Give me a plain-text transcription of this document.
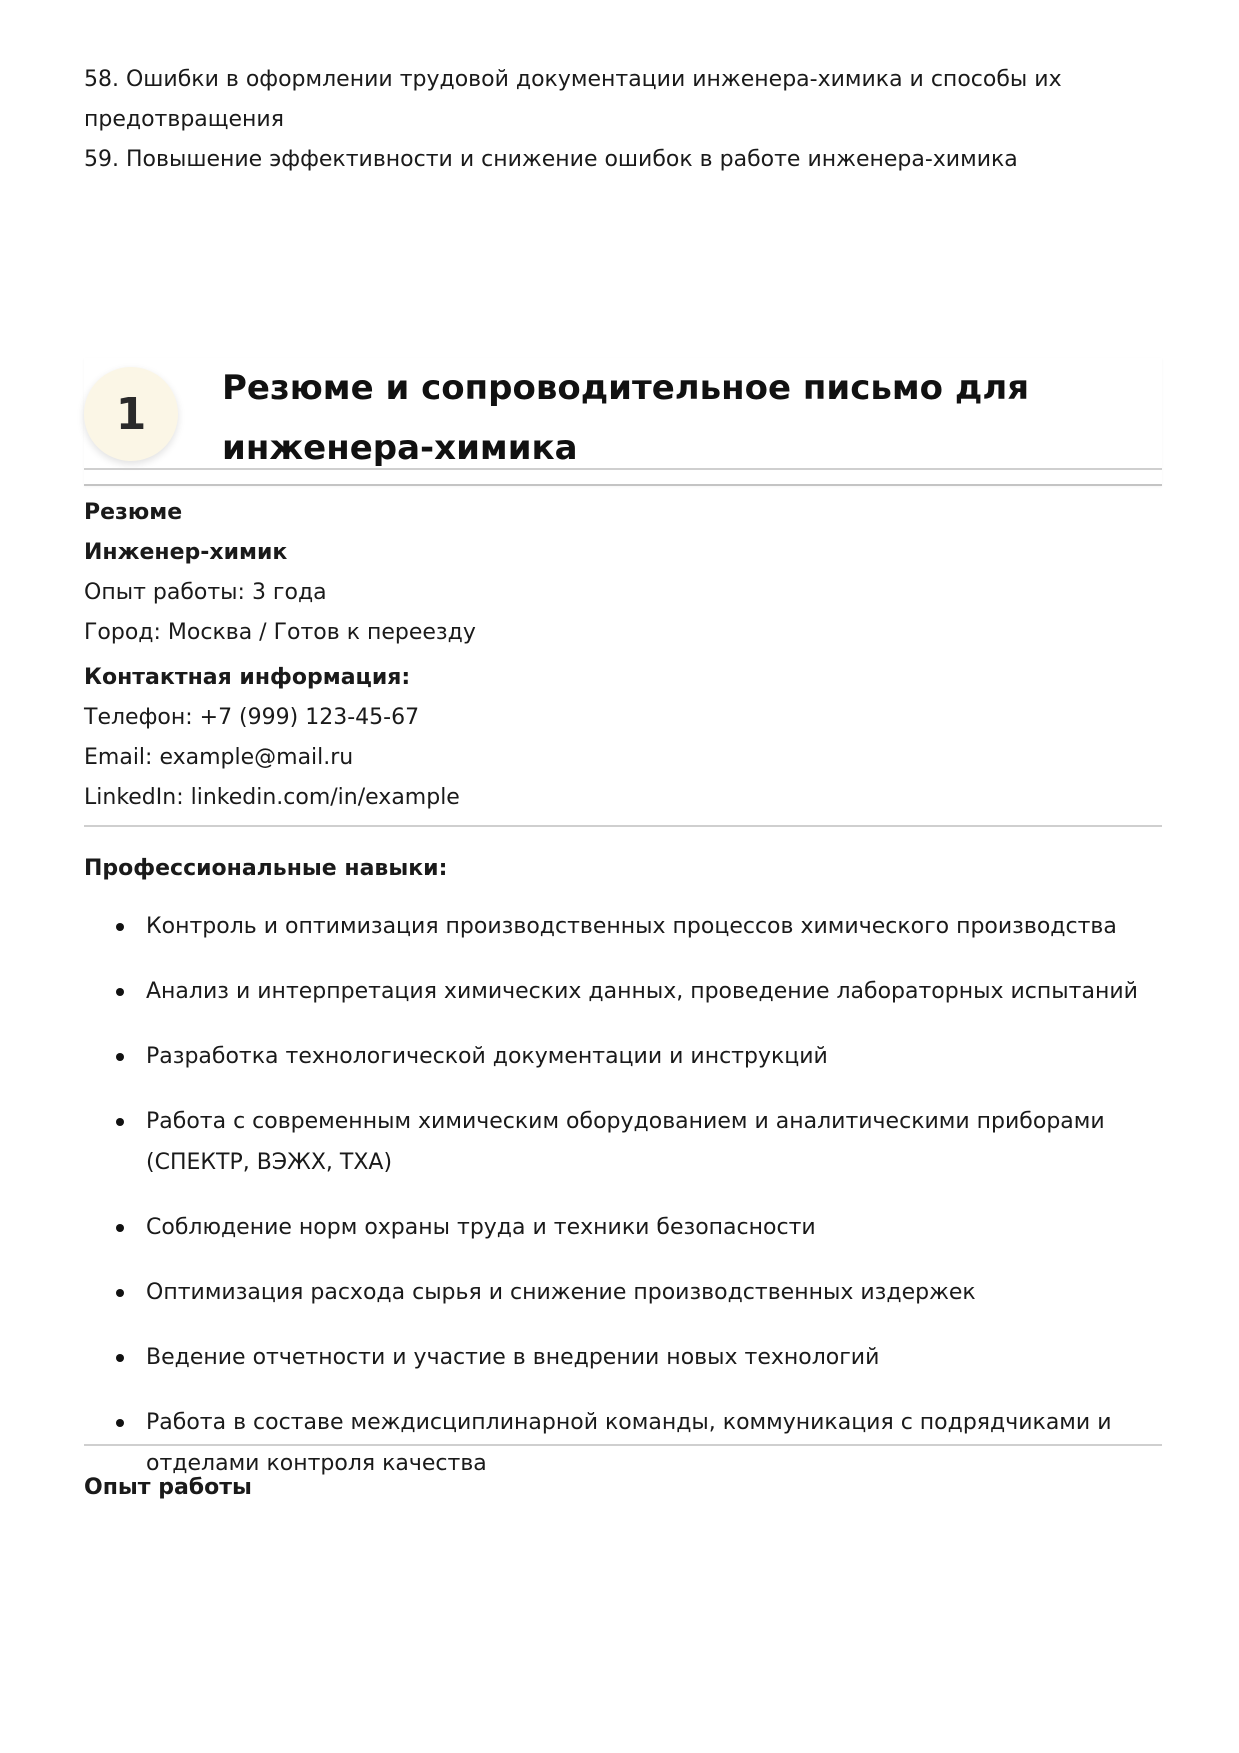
58. Ошибки в оформлении трудовой документации инженера-химика и способы их предотвращения

59. Повышение эффективности и снижение ошибок в работе инженера-химика

1
Резюме и сопроводительное письмо для инженера-химика
Резюме
Инженер-химик
Опыт работы: 3 года
Город: Москва / Готов к переезду
Контактная информация:
Телефон: +7 (999) 123-45-67
Email: example@mail.ru
LinkedIn: linkedin.com/in/example
Профессиональные навыки:
Опыт работы
Контроль и оптимизация производственных процессов химического производства
Анализ и интерпретация химических данных, проведение лабораторных испытаний
Разработка технологической документации и инструкций
Работа с современным химическим оборудованием и аналитическими приборами (СПЕКТР, ВЭЖХ, ТХА)
Соблюдение норм охраны труда и техники безопасности
Оптимизация расхода сырья и снижение производственных издержек
Ведение отчетности и участие в внедрении новых технологий
Работа в составе междисциплинарной команды, коммуникация с подрядчиками и отделами контроля качества
